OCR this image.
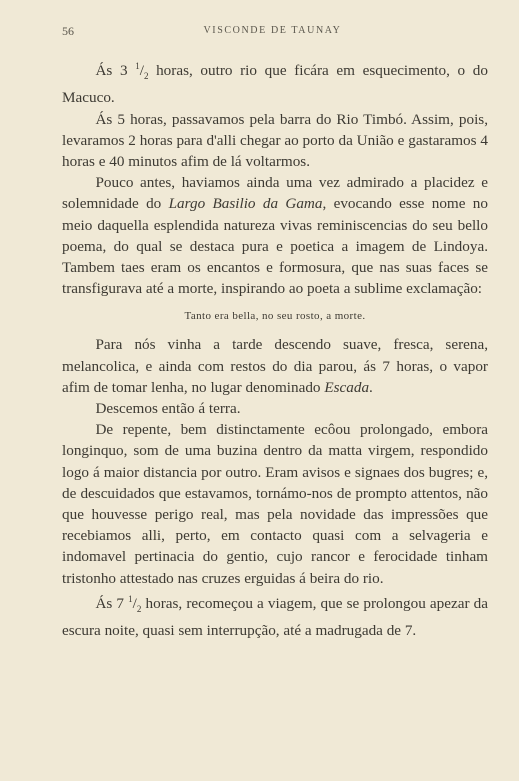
56	VISCONDE DE TAUNAY

Ás 3 $^1/_2$ horas, outro rio que ficára em esquecimento, o do Macuco.

Ás 5 horas, passavamos pela barra do Rio Timbó. Assim, pois, levaramos 2 horas para d'alli chegar ao porto da União e gastaramos 4 horas e 40 minutos afim de lá voltarmos.

Pouco antes, haviamos ainda uma vez admirado a placidez e solemnidade do Largo Basilio da Gama, evocando esse nome no meio daquella esplendida natureza vivas reminiscencias do seu bello poema, do qual se destaca pura e poetica a imagem de Lindoya. Tambem taes eram os encantos e formosura, que nas suas faces se transfigurava até a morte, inspirando ao poeta a sublime exclamação:

Tanto era bella, no seu rosto, a morte.

Para nós vinha a tarde descendo suave, fresca, serena, melancolica, e ainda com restos do dia parou, ás 7 horas, o vapor afim de tomar lenha, no lugar denominado Escada.

Descemos então á terra.

De repente, bem distinctamente ecôou prolongado, embora longinquo, som de uma buzina dentro da matta virgem, respondido logo á maior distancia por outro. Eram avisos e signaes dos bugres; e, de descuidados que estavamos, tornámo-nos de prompto attentos, não que houvesse perigo real, mas pela novidade das impressões que recebiamos alli, perto, em contacto quasi com a selvageria e indomavel pertinacia do gentio, cujo rancor e ferocidade tinham tristonho attestado nas cruzes erguidas á beira do rio.

Ás 7 $^1/_2$ horas, recomeçou a viagem, que se prolongou apezar da escura noite, quasi sem interrupção, até a madrugada de 7.
